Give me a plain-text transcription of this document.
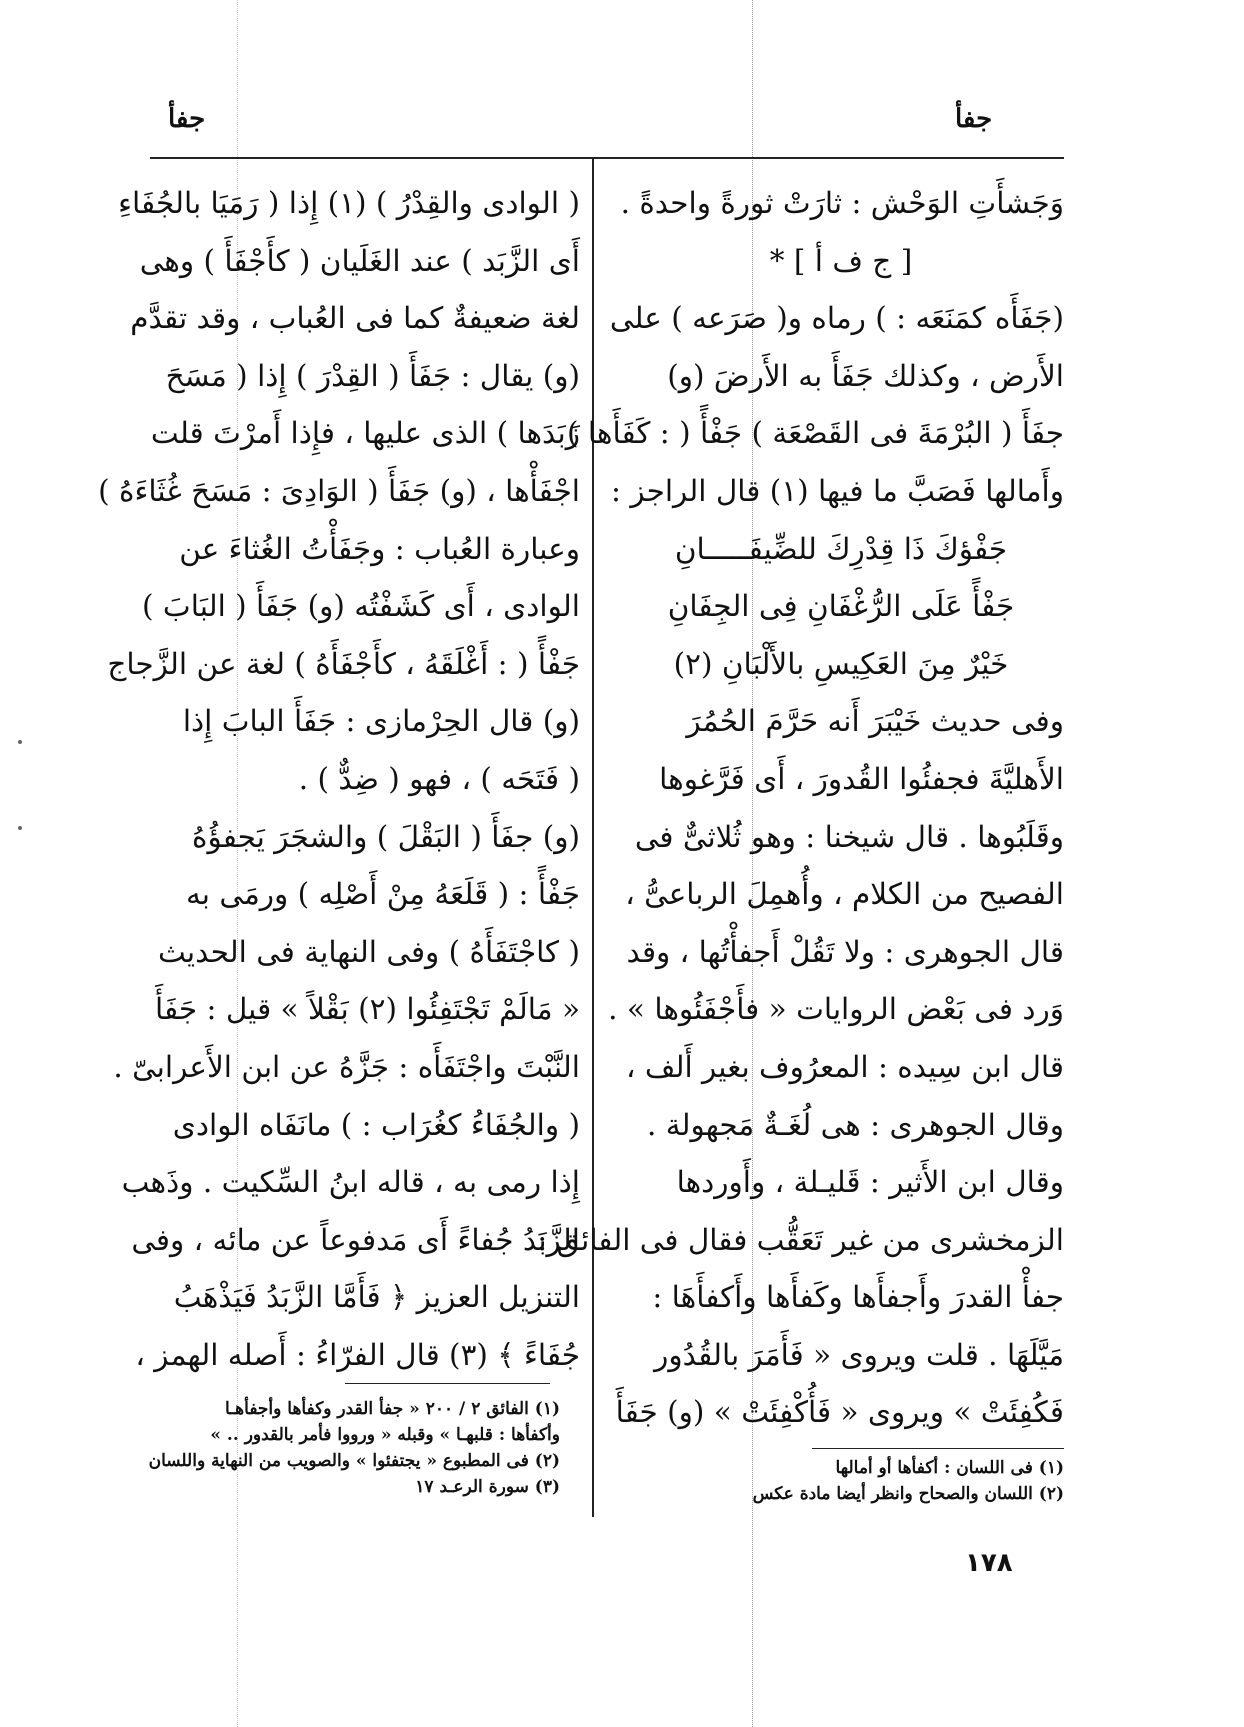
جفأ
جفأ
وَجَشأَتِ الوَحْش : ثارَتْ ثورةً واحدةً .
[ ج ف أ ] *
(جَفَأَه كمَنَعَه : ) رماه و( صَرَعه ) على
الأَرض ، وكذلك جَفَأَ به الأَرضَ (و)
جفَأَ ( البُرْمَةَ فى القَصْعَة ) جَفْأً ( : كَفَأَها )
وأَمالها فَصَبَّ ما فيها (١) قال الراجز :
جَفْؤكَ ذَا قِدْرِكَ للضِّيفَـــــانِ
جَفْأً عَلَى الرُّغْفَانِ فِى الجِفَانِ
خَيْرٌ مِنَ العَكِيسِ بالأَلْبَانِ (٢)
وفى حديث خَيْبَرَ أَنه حَرَّمَ الحُمُرَ
الأَهليَّةَ فجفئُوا القُدورَ ، أَى فَرَّغوها
وقَلَبُوها . قال شيخنا : وهو ثُلاثىٌّ فى
الفصيح من الكلام ، وأُهمِلَ الرباعىُّ ،
قال الجوهرى : ولا تَقُلْ أَجفأْتُها ، وقد
وَرد فى بَعْض الروايات « فأَجْفَئُوها » .
قال ابن سِيده : المعرُوف بغير أَلف ،
وقال الجوهرى : هى لُغَـةٌ مَجهولة .
وقال ابن الأَثير : قَليـلة ، وأَوردها
الزمخشرى من غير تَعَقُّب فقال فى الفائق :
جفأْ القدرَ وأَجفأَها وكَفأَها وأَكفأَهَا :
مَيَّلَهَا . قلت ويروى « فَأَمَرَ بالقُدُور
فَكُفِئَتْ » ويروى « فَأُكْفِئَتْ » (و) جَفَأَ
( الوادى والقِدْرُ ) (١) إِذا ( رَمَيَا بالجُفَاءِ
أَى الزَّبَد ) عند الغَلَيان ( كأَجْفَأَ ) وهى
لغة ضعيفةٌ كما فى العُباب ، وقد تقدَّم
(و) يقال : جَفَأَ ( القِدْرَ ) إِذا ( مَسَحَ
زَبَدَها ) الذى عليها ، فإِذا أَمرْتَ قلت
اجْفَأْها ، (و) جَفَأَ ( الوَادِىَ : مَسَحَ غُثَاءَهُ )
وعبارة العُباب : وجَفَأْتُ الغُثاءَ عن
الوادى ، أَى كَشَفْتُه (و) جَفَأَ ( البَابَ )
جَفْأً ( : أَغْلَقَهُ ، كأَجْفَأَهُ ) لغة عن الزَّجاج
(و) قال الحِرْمازى : جَفَأَ البابَ إِذا
( فَتَحَه ) ، فهو ( ضِدٌّ ) .
(و) جفَأَ ( البَقْلَ ) والشجَرَ يَجفؤُهُ
جَفْأً : ( قَلَعَهُ مِنْ أَصْلِه ) ورمَى به
( كاجْتَفَأَهُ ) وفى النهاية فى الحديث
« مَالَمْ تَجْتَفِئُوا (٢) بَقْلاً » قيل : جَفَأَ
النَّبْتَ واجْتَفَأَه : جَزَّهُ عن ابن الأَعرابىّ .
( والجُفَاءُ كغُرَاب : ) مانَفَاه الوادى
إِذا رمى به ، قاله ابنُ السِّكيت . وذَهب
الزَّبَدُ جُفاءً أَى مَدفوعاً عن مائه ، وفى
التنزيل العزيز ﴿ فَأَمَّا الزَّبَدُ فَيَذْهَبُ
جُفَاءً ﴾ (٣) قال الفرّاءُ : أَصله الهمز ،
(١) الفائق ٢ / ٢٠٠ « جفأ القدر وكفأها وأجفأهـا
وأكفأها : قلبهـا » وقبله « ورووا فأمر بالقدور .. »
(٢) فى المطبوع « يجتفئوا » والصويب من النهاية واللسان
(٣) سورة الرعـد ١٧
(١) فى اللسان : أكفأها أو أمالها
(٢) اللسان والصحاح وانظر أيضا مادة عكس
١٧٨
